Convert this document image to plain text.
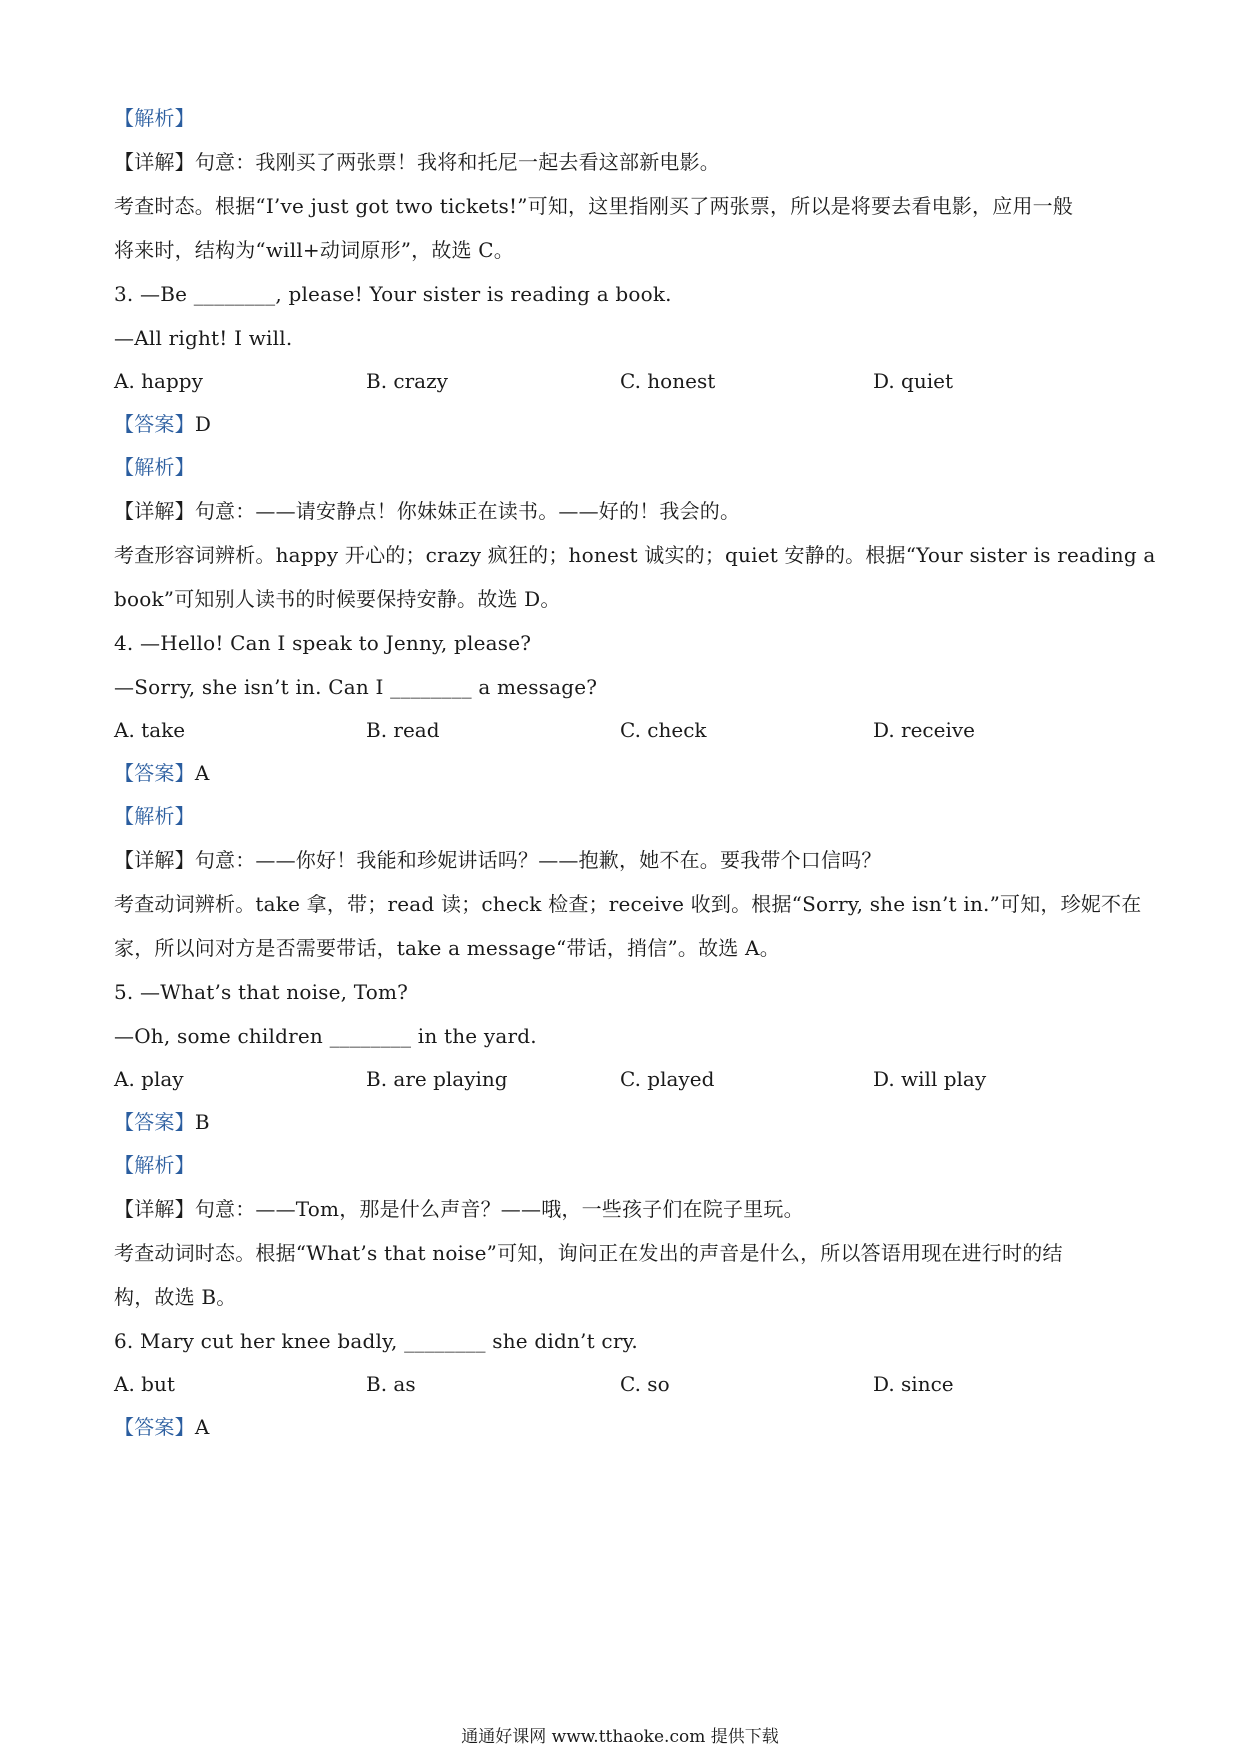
【解析】
【详解】句意：我刚买了两张票！我将和托尼一起去看这部新电影。
考查时态。根据“I’ve just got two tickets!”可知，这里指刚买了两张票，所以是将要去看电影，应用一般
将来时，结构为“will+动词原形”，故选 C。
3. —Be ________, please! Your sister is reading a book.
—All right! I will.
A. happy	B. crazy	C. honest	D. quiet
【答案】D
【解析】
【详解】句意：——请安静点！你妹妹正在读书。——好的！我会的。
考查形容词辨析。happy 开心的；crazy 疯狂的；honest 诚实的；quiet 安静的。根据“Your sister is reading a
book”可知别人读书的时候要保持安静。故选 D。
4. —Hello! Can I speak to Jenny, please?
—Sorry, she isn’t in. Can I ________ a message?
A. take	B. read	C. check	D. receive
【答案】A
【解析】
【详解】句意：——你好！我能和珍妮讲话吗？——抱歉，她不在。要我带个口信吗？
考查动词辨析。take 拿，带；read 读；check 检查；receive 收到。根据“Sorry, she isn’t in.”可知，珍妮不在
家，所以问对方是否需要带话，take a message“带话，捎信”。故选 A。
5. —What’s that noise, Tom?
—Oh, some children ________ in the yard.
A. play	B. are playing	C. played	D. will play
【答案】B
【解析】
【详解】句意：——Tom，那是什么声音？——哦，一些孩子们在院子里玩。
考查动词时态。根据“What’s that noise”可知，询问正在发出的声音是什么，所以答语用现在进行时的结
构，故选 B。
6. Mary cut her knee badly, ________ she didn’t cry.
A. but	B. as	C. so	D. since
【答案】A
通通好课网 www.tthaoke.com 提供下载
